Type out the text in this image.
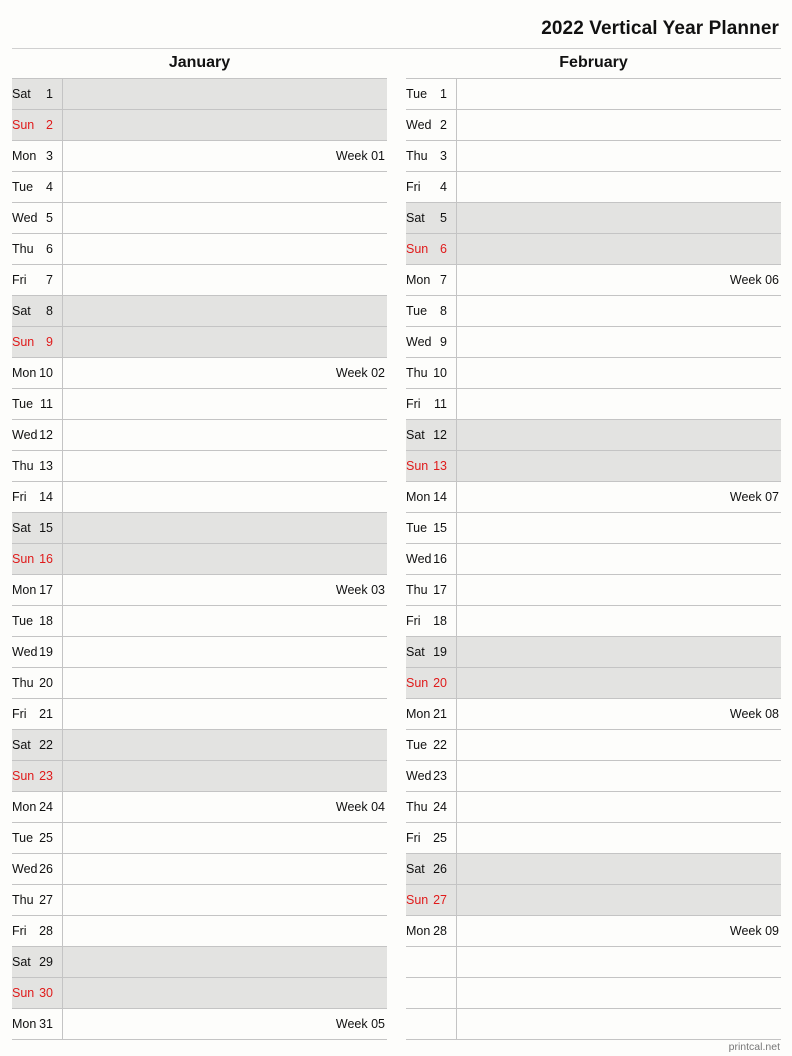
2022 Vertical Year Planner
January
Sat 1
Sun 2
Mon 3	Week 01
Tue 4
Wed 5
Thu 6
Fri 7
Sat 8
Sun 9
Mon 10	Week 02
Tue 11
Wed 12
Thu 13
Fri 14
Sat 15
Sun 16
Mon 17	Week 03
Tue 18
Wed 19
Thu 20
Fri 21
Sat 22
Sun 23
Mon 24	Week 04
Tue 25
Wed 26
Thu 27
Fri 28
Sat 29
Sun 30
Mon 31	Week 05
February
Tue 1
Wed 2
Thu 3
Fri 4
Sat 5
Sun 6
Mon 7	Week 06
Tue 8
Wed 9
Thu 10
Fri 11
Sat 12
Sun 13
Mon 14	Week 07
Tue 15
Wed 16
Thu 17
Fri 18
Sat 19
Sun 20
Mon 21	Week 08
Tue 22
Wed 23
Thu 24
Fri 25
Sat 26
Sun 27
Mon 28	Week 09
printcal.net
